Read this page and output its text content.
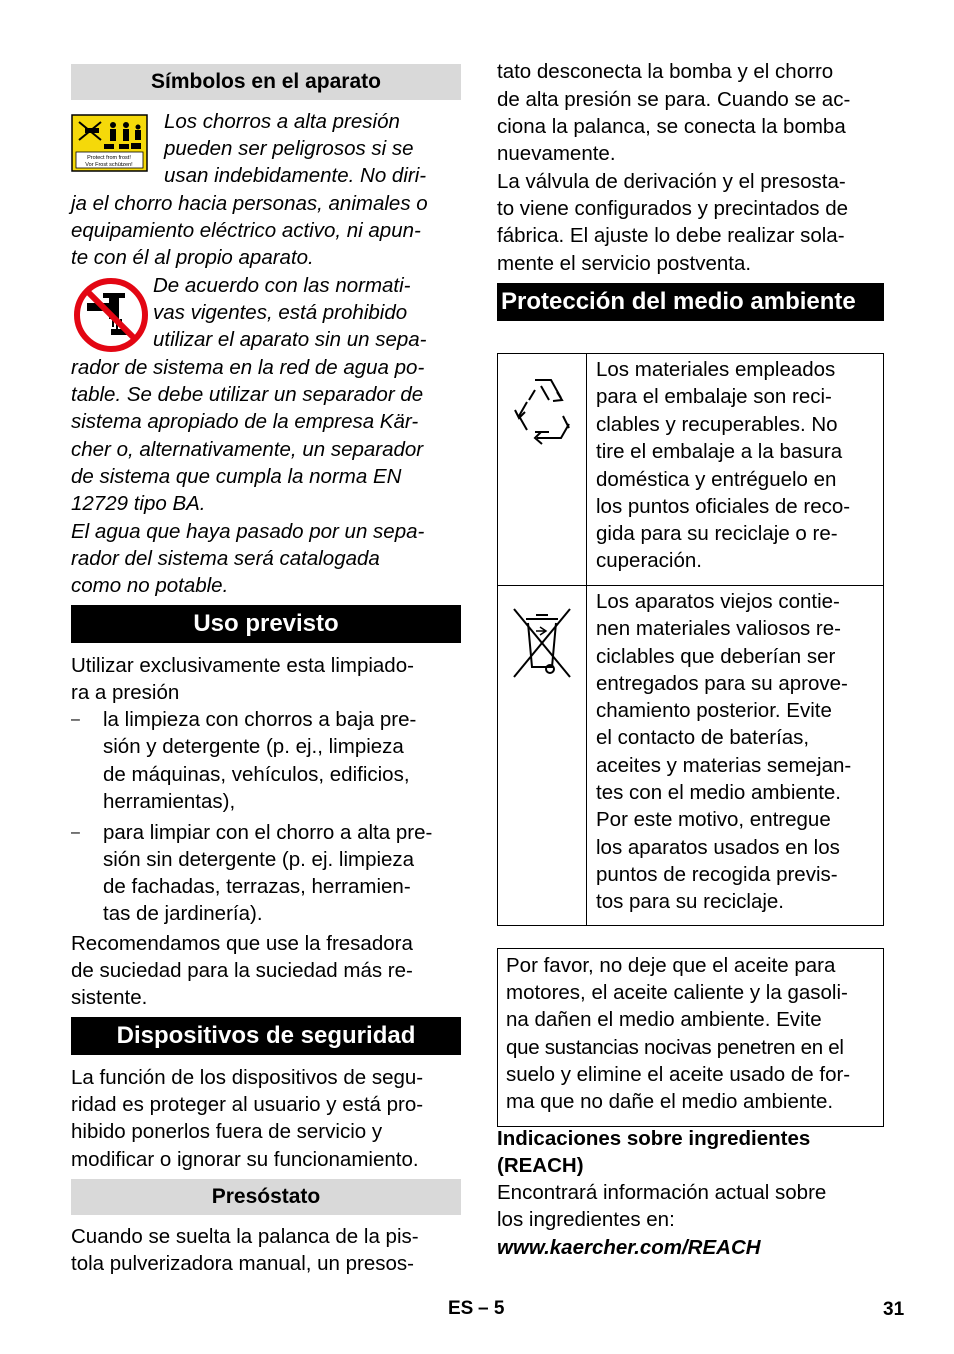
Símbolos en el aparato
Protect from frost!
Vor Frost schützen!
Los chorros a alta presión
pueden ser peligrosos si se
usan indebidamente. No diri-
ja el chorro hacia personas, animales o
equipamiento eléctrico activo, ni apun-
te con él al propio aparato.
De acuerdo con las normati-
vas vigentes, está prohibido
utilizar el aparato sin un sepa-
rador de sistema en la red de agua po-
table. Se debe utilizar un separador de
sistema apropiado de la empresa Kär-
cher o, alternativamente, un separador
de sistema que cumpla la norma EN
12729 tipo BA.
El agua que haya pasado por un sepa-
rador del sistema será catalogada
como no potable.
Uso previsto
Utilizar exclusivamente esta limpiado-
ra a presión
– la limpieza con chorros a baja pre-
sión y detergente (p. ej., limpieza
de máquinas, vehículos, edificios,
herramientas),
– para limpiar con el chorro a alta pre-
sión sin detergente (p. ej. limpieza
de fachadas, terrazas, herramien-
tas de jardinería).
Recomendamos que use la fresadora
de suciedad para la suciedad más re-
sistente.
Dispositivos de seguridad
La función de los dispositivos de segu-
ridad es proteger al usuario y está pro-
hibido ponerlos fuera de servicio y
modificar o ignorar su funcionamiento.
Presóstato
Cuando se suelta la palanca de la pis-
tola pulverizadora manual, un presos-
tato desconecta la bomba y el chorro
de alta presión se para. Cuando se ac-
ciona la palanca, se conecta la bomba
nuevamente.
La válvula de derivación y el presosta-
to viene configurados y precintados de
fábrica. El ajuste lo debe realizar sola-
mente el servicio postventa.
Protección del medio ambiente
Los materiales empleados
para el embalaje son reci-
clables y recuperables. No
tire el embalaje a la basura
doméstica y entréguelo en
los puntos oficiales de reco-
gida para su reciclaje o re-
cuperación.
Los aparatos viejos contie-
nen materiales valiosos re-
ciclables que deberían ser
entregados para su aprove-
chamiento posterior. Evite
el contacto de baterías,
aceites y materias semejan-
tes con el medio ambiente.
Por este motivo, entregue
los aparatos usados en los
puntos de recogida previs-
tos para su reciclaje.
Por favor, no deje que el aceite para
motores, el aceite caliente y la gasoli-
na dañen el medio ambiente. Evite
que sustancias nocivas penetren en el
suelo y elimine el aceite usado de for-
ma que no dañe el medio ambiente.
Indicaciones sobre ingredientes
(REACH)
Encontrará información actual sobre
los ingredientes en:
www.kaercher.com/REACH
ES – 5	31
